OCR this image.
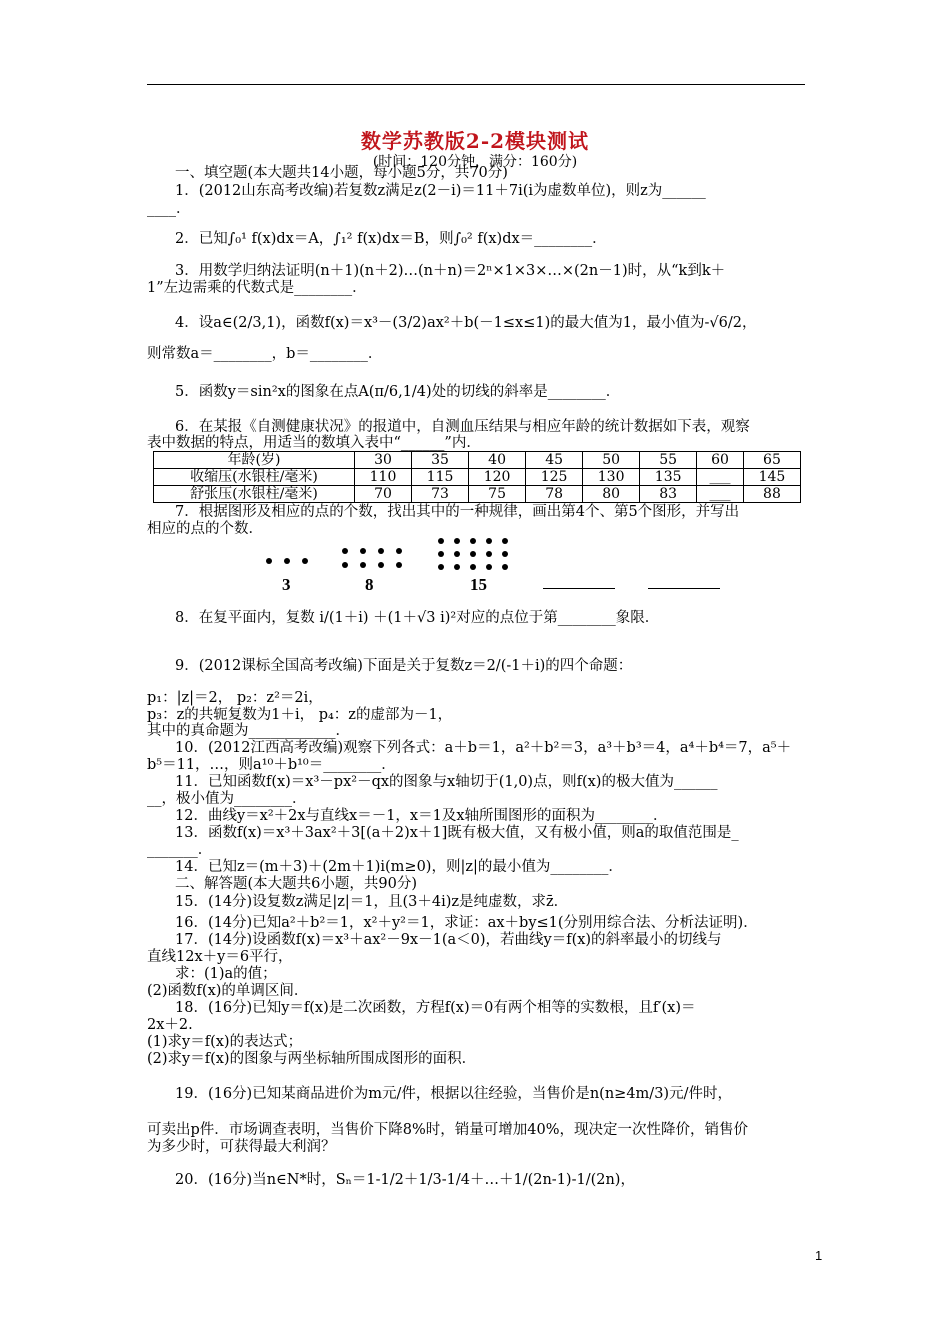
数学苏教版2-2模块测试
(时间：120分钟，满分：160分)
一、填空题(本大题共14小题，每小题5分，共70分)
1．(2012山东高考改编)若复数z满足z(2－i)＝11＋7i(i为虚数单位)，则z为______
____．
2．已知∫₀¹ f(x)dx＝A，∫₁² f(x)dx＝B，则∫₀² f(x)dx＝________．
3．用数学归纳法证明(n＋1)(n＋2)…(n＋n)＝2ⁿ×1×3×…×(2n－1)时，从“k到k＋
1”左边需乘的代数式是________．
4．设a∈(2/3,1)，函数f(x)＝x³－(3/2)ax²＋b(－1≤x≤1)的最大值为1，最小值为-√6/2，
则常数a＝________，b＝________．
5．函数y＝sin²x的图象在点A(π/6,1/4)处的切线的斜率是________．
6．在某报《自测健康状况》的报道中，自测血压结果与相应年龄的统计数据如下表，观察
表中数据的特点，用适当的数填入表中“______”内．
年龄(岁)	30	35	40	45	50	55	60	65
收缩压(水银柱/毫米)	110	115	120	125	130	135	___	145
舒张压(水银柱/毫米)	70	73	75	78	80	83	___	88
7．根据图形及相应的点的个数，找出其中的一种规律，画出第4个、第5个图形，并写出
相应的点的个数．
3	8	15
8．在复平面内，复数 i/(1＋i) ＋(1＋√3 i)²对应的点位于第________象限．
9．(2012课标全国高考改编)下面是关于复数z＝2/(-1＋i)的四个命题：
p₁：|z|＝2， p₂：z²＝2i，
p₃：z的共轭复数为1＋i， p₄：z的虚部为－1，
其中的真命题为____________．
10．(2012江西高考改编)观察下列各式：a＋b＝1，a²＋b²＝3，a³＋b³＝4，a⁴＋b⁴＝7，a⁵＋
b⁵＝11，…，则a¹⁰＋b¹⁰＝________．
11．已知函数f(x)＝x³－px²－qx的图象与x轴切于(1,0)点，则f(x)的极大值为______
__，极小值为________．
12．曲线y＝x²＋2x与直线x＝－1，x＝1及x轴所围图形的面积为________．
13．函数f(x)＝x³＋3ax²＋3[(a＋2)x＋1]既有极大值，又有极小值，则a的取值范围是_
_______．
14．已知z＝(m＋3)＋(2m＋1)i(m≥0)，则|z|的最小值为________．
二、解答题(本大题共6小题，共90分)
15．(14分)设复数z满足|z|＝1，且(3＋4i)z是纯虚数，求z̄．
16．(14分)已知a²＋b²＝1，x²＋y²＝1，求证：ax＋by≤1(分别用综合法、分析法证明)．
17．(14分)设函数f(x)＝x³＋ax²－9x－1(a＜0)，若曲线y＝f(x)的斜率最小的切线与
直线12x＋y＝6平行，
求：(1)a的值；
(2)函数f(x)的单调区间．
18．(16分)已知y＝f(x)是二次函数，方程f(x)＝0有两个相等的实数根，且f′(x)＝
2x＋2.
(1)求y＝f(x)的表达式；
(2)求y＝f(x)的图象与两坐标轴所围成图形的面积．
19．(16分)已知某商品进价为m元/件，根据以往经验，当售价是n(n≥4m/3)元/件时，
可卖出p件．市场调查表明，当售价下降8%时，销量可增加40%，现决定一次性降价，销售价
为多少时，可获得最大利润？
20．(16分)当n∈N*时，Sₙ＝1-1/2＋1/3-1/4＋…＋1/(2n-1)-1/(2n)，
1
